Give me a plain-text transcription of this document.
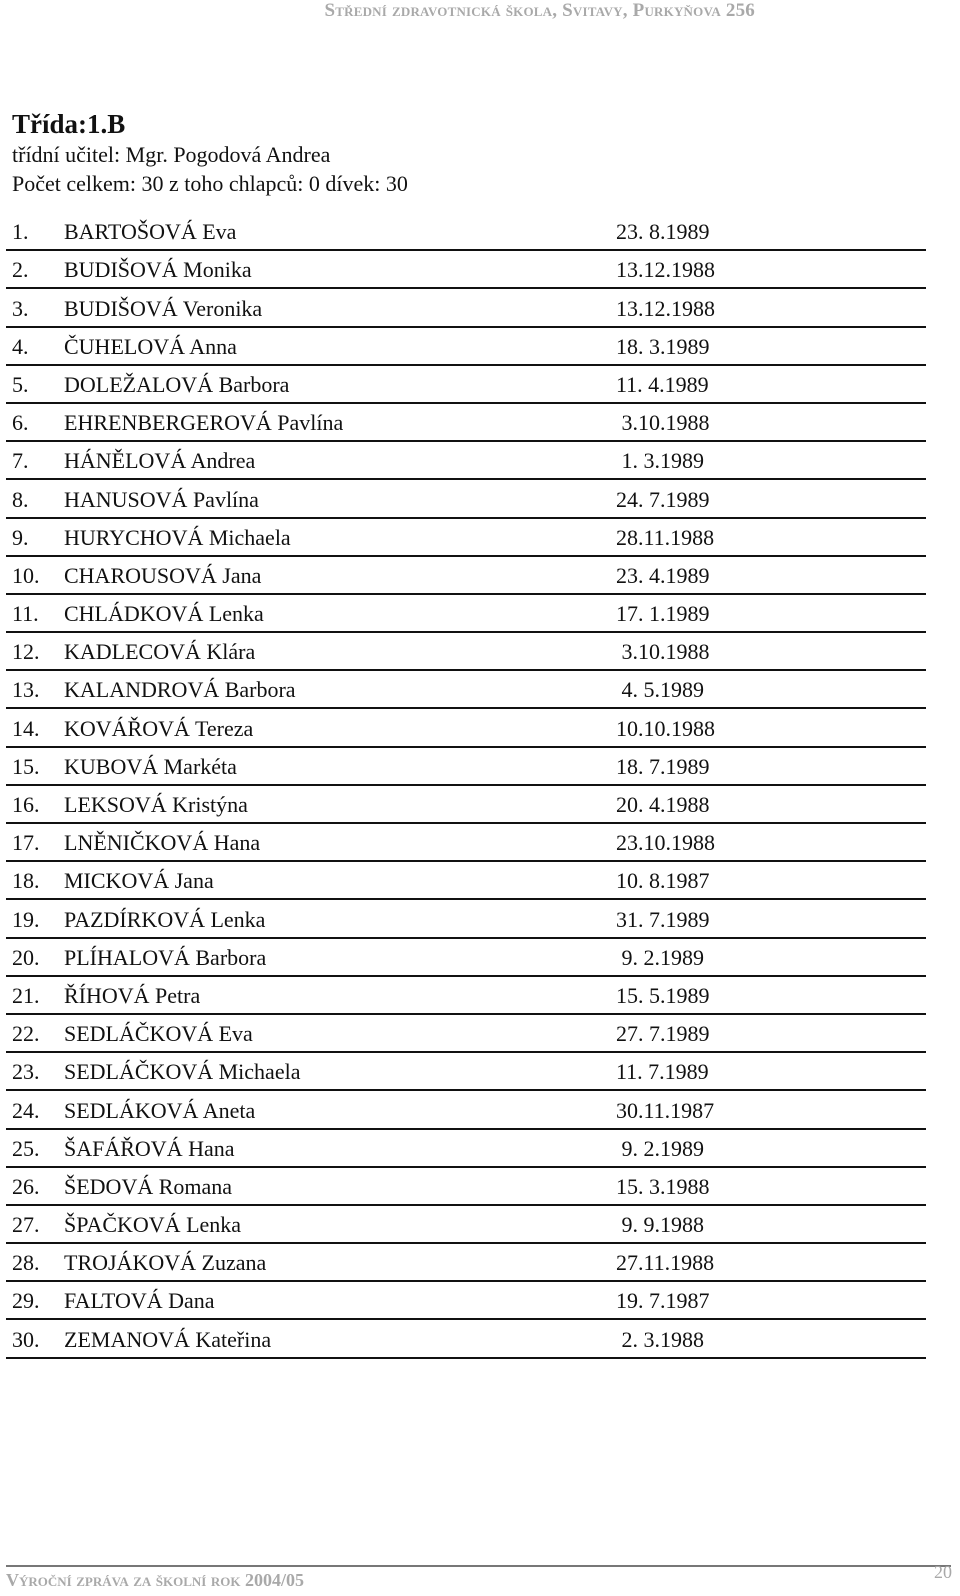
Střední zdravotnická škola, Svitavy, Purkyňova 256
Třída:1.B
třídní učitel: Mgr. Pogodová Andrea
Počet celkem: 30 z toho chlapců: 0 dívek: 30
1. BARTOŠOVÁ Eva	23. 8.1989
2. BUDIŠOVÁ Monika	13.12.1988
3. BUDIŠOVÁ Veronika	13.12.1988
4. ČUHELOVÁ Anna	18. 3.1989
5. DOLEŽALOVÁ Barbora	11. 4.1989
6. EHRENBERGEROVÁ Pavlína	3.10.1988
7. HÁNĚLOVÁ Andrea	1. 3.1989
8. HANUSOVÁ Pavlína	24. 7.1989
9. HURYCHOVÁ Michaela	28.11.1988
10. CHAROUSOVÁ Jana	23. 4.1989
11. CHLÁDKOVÁ Lenka	17. 1.1989
12. KADLECOVÁ Klára	3.10.1988
13. KALANDROVÁ Barbora	4. 5.1989
14. KOVÁŘOVÁ Tereza	10.10.1988
15. KUBOVÁ Markéta	18. 7.1989
16. LEKSOVÁ Kristýna	20. 4.1988
17. LNĚNIČKOVÁ Hana	23.10.1988
18. MICKOVÁ Jana	10. 8.1987
19. PAZDÍRKOVÁ Lenka	31. 7.1989
20. PLÍHALOVÁ Barbora	9. 2.1989
21. ŘÍHOVÁ Petra	15. 5.1989
22. SEDLÁČKOVÁ Eva	27. 7.1989
23. SEDLÁČKOVÁ Michaela	11. 7.1989
24. SEDLÁKOVÁ Aneta	30.11.1987
25. ŠAFÁŘOVÁ Hana	9. 2.1989
26. ŠEDOVÁ Romana	15. 3.1988
27. ŠPAČKOVÁ Lenka	9. 9.1988
28. TROJÁKOVÁ Zuzana	27.11.1988
29. FALTOVÁ Dana	19. 7.1987
30. ZEMANOVÁ Kateřina	2. 3.1988
Výroční zpráva za školní rok 2004/05	20
